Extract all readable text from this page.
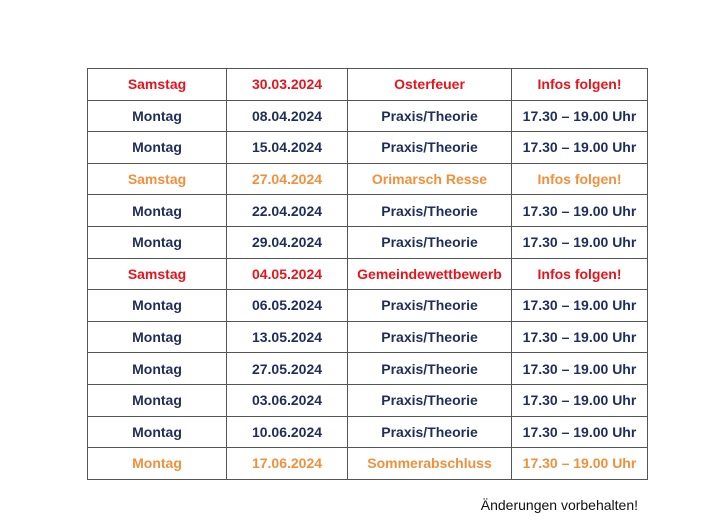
Samstag	30.03.2024	Osterfeuer	Infos folgen!
Montag	08.04.2024	Praxis/Theorie	17.30 – 19.00 Uhr
Montag	15.04.2024	Praxis/Theorie	17.30 – 19.00 Uhr
Samstag	27.04.2024	Orimarsch Resse	Infos folgen!
Montag	22.04.2024	Praxis/Theorie	17.30 – 19.00 Uhr
Montag	29.04.2024	Praxis/Theorie	17.30 – 19.00 Uhr
Samstag	04.05.2024	Gemeindewettbewerb	Infos folgen!
Montag	06.05.2024	Praxis/Theorie	17.30 – 19.00 Uhr
Montag	13.05.2024	Praxis/Theorie	17.30 – 19.00 Uhr
Montag	27.05.2024	Praxis/Theorie	17.30 – 19.00 Uhr
Montag	03.06.2024	Praxis/Theorie	17.30 – 19.00 Uhr
Montag	10.06.2024	Praxis/Theorie	17.30 – 19.00 Uhr
Montag	17.06.2024	Sommerabschluss	17.30 – 19.00 Uhr
Änderungen vorbehalten!
